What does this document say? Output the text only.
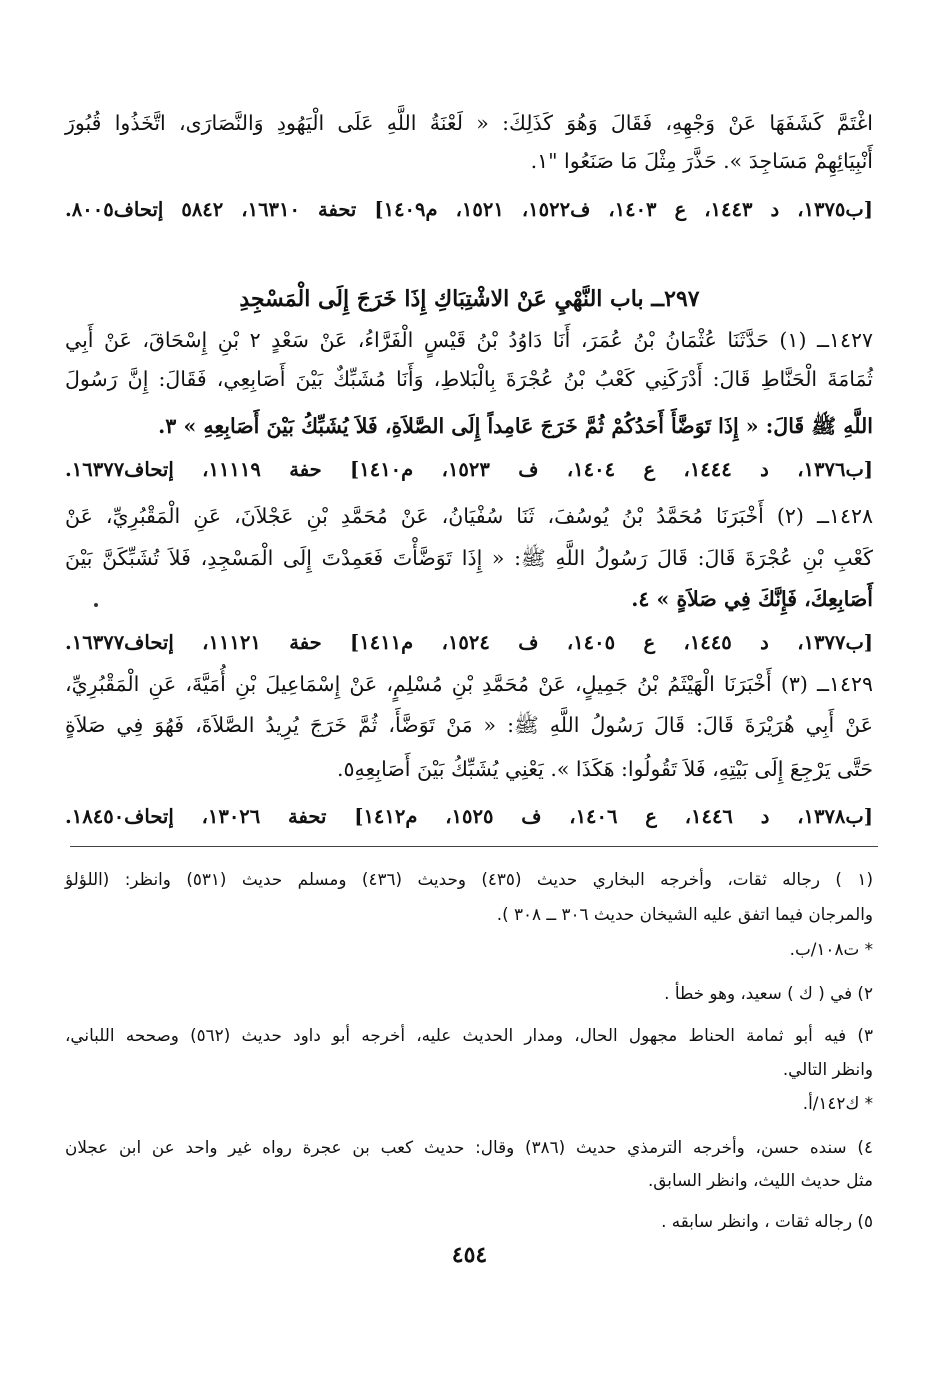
اغْتَمَّ كَشَفَهَا عَنْ وَجْهِهِ، فَقَالَ وَهُوَ كَذَلِكَ: « لَعْنَةُ اللَّهِ عَلَى الْيَهُودِ وَالنَّصَارَى، اتَّخَذُوا قُبُورَ
أَنْبِيَائِهِمْ مَسَاجِدَ ». حَذَّرَ مِثْلَ مَا صَنَعُوا "١.
[ب١٣٧٥، د ١٤٤٣، ع ١٤٠٣، ف١٥٢٢، ١٥٢١، م١٤٠٩] تحفة ١٦٣١٠، ٥٨٤٢ إتحاف٨٠٠٥.
٢٩٧ــ باب النَّهْيِ عَنْ الاشْتِبَاكِ إِذَا خَرَجَ إِلَى الْمَسْجِدِ
١٤٢٧ــ (١) حَدَّثَنَا عُثْمَانُ بْنُ عُمَرَ، أَنَا دَاوُدُ بْنُ قَيْسٍ الْفَرَّاءُ، عَنْ سَعْدٍ ٢ بْنِ إِسْحَاقَ، عَنْ أَبِي
ثُمَامَةَ الْحَنَّاطِ قَالَ: أَدْرَكَنِي كَعْبُ بْنُ عُجْرَةَ بِالْبَلاطِ، وَأَنَا مُشَبِّكٌ بَيْنَ أَصَابِعِي، فَقَالَ: إِنَّ رَسُولَ
اللَّهِ ﷺ قَالَ: « إِذَا تَوَضَّأَ أَحَدُكُمْ ثُمَّ خَرَجَ عَامِداً إِلَى الصَّلاَةِ، فَلاَ يُشَبِّكُ بَيْنَ أَصَابِعِهِ » ٣.
[ب١٣٧٦، د ١٤٤٤، ع ١٤٠٤، ف ١٥٢٣، م١٤١٠] حفة ١١١١٩، إتحاف١٦٣٧٧.
١٤٢٨ــ (٢) أَخْبَرَنَا مُحَمَّدُ بْنُ يُوسُفَ، ثَنَا سُفْيَانُ، عَنْ مُحَمَّدِ بْنِ عَجْلاَنَ، عَنِ الْمَقْبُرِيِّ، عَنْ
كَعْبِ بْنِ عُجْرَةَ قَالَ: قَالَ رَسُولُ اللَّهِ ﷺ: « إِذَا تَوَضَّأْتَ فَعَمِدْتَ إِلَى الْمَسْجِدِ، فَلاَ تُشَبِّكَنَّ بَيْنَ
أَصَابِعِكَ، فَإِنَّكَ فِي صَلاَةٍ » ٤.
[ب١٣٧٧، د ١٤٤٥، ع ١٤٠٥، ف ١٥٢٤، م١٤١١] حفة ١١١٢١، إتحاف١٦٣٧٧.
١٤٢٩ــ (٣) أَخْبَرَنَا الْهَيْثَمُ بْنُ جَمِيلٍ، عَنْ مُحَمَّدِ بْنِ مُسْلِمٍ، عَنْ إِسْمَاعِيلَ بْنِ أُمَيَّةَ، عَنِ الْمَقْبُرِيِّ،
عَنْ أَبِي هُرَيْرَةَ قَالَ: قَالَ رَسُولُ اللَّهِ ﷺ: « مَنْ تَوَضَّأَ، ثُمَّ خَرَجَ يُرِيدُ الصَّلاَةَ، فَهُوَ فِي صَلاَةٍ
حَتَّى يَرْجِعَ إِلَى بَيْتِهِ، فَلاَ تَقُولُوا: هَكَذَا ». يَعْنِي يُشَبِّكُ بَيْنَ أَصَابِعِهِ٥.
[ب١٣٧٨، د ١٤٤٦، ع ١٤٠٦، ف ١٥٢٥، م١٤١٢] تحفة ١٣٠٢٦، إتحاف١٨٤٥٠.
(١ ) رجاله ثقات، وأخرجه البخاري حديث (٤٣٥) وحديث (٤٣٦) ومسلم حديث (٥٣١) وانظر: (اللؤلؤ
والمرجان فيما اتفق عليه الشيخان حديث ٣٠٦ ــ ٣٠٨ ).
* ت١٠٨/ب.
٢) في ( ك ) سعيد، وهو خطأ .
٣) فيه أبو ثمامة الحناط مجهول الحال، ومدار الحديث عليه، أخرجه أبو داود حديث (٥٦٢) وصححه اللباني،
وانظر التالي.
* ك١٤٢/أ.
٤) سنده حسن، وأخرجه الترمذي حديث (٣٨٦) وقال: حديث كعب بن عجرة رواه غير واحد عن ابن عجلان
مثل حديث الليث، وانظر السابق.
٥) رجاله ثقات ، وانظر سابقه .
٤٥٤
